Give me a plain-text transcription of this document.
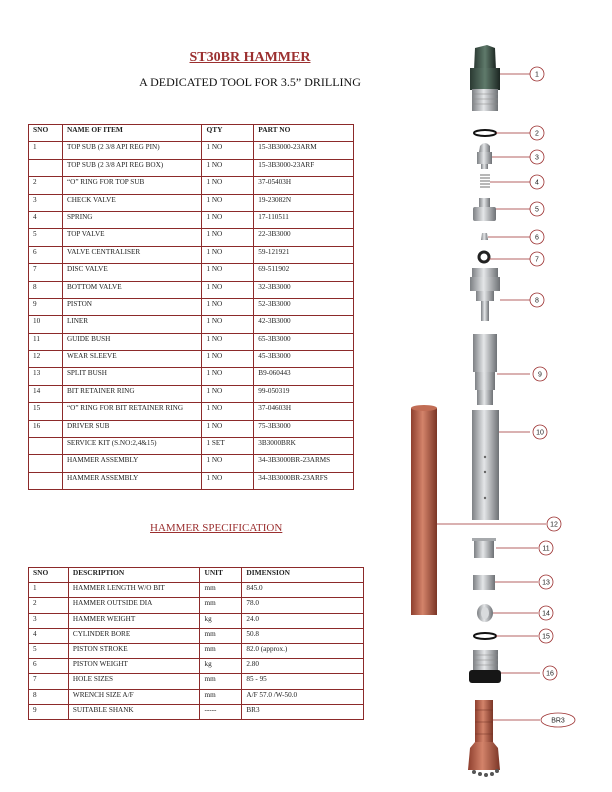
ST30BR HAMMER
A DEDICATED TOOL FOR 3.5” DRILLING
SNO	NAME OF ITEM	QTY	PART NO
1	TOP SUB (2 3/8 API REG PIN)	1 NO	15-3B3000-23ARM
	TOP SUB (2 3/8 API REG BOX)	1 NO	15-3B3000-23ARF
2	“O” RING FOR TOP SUB	1 NO	37-05403H
3	CHECK VALVE	1 NO	19-23082N
4	SPRING	1 NO	17-110511
5	TOP VALVE	1 NO	22-3B3000
6	VALVE CENTRALISER	1 NO	59-121921
7	DISC VALVE	1 NO	69-511902
8	BOTTOM VALVE	1 NO	32-3B3000
9	PISTON	1 NO	52-3B3000
10	LINER	1 NO	42-3B3000
11	GUIDE BUSH	1 NO	65-3B3000
12	WEAR SLEEVE	1 NO	45-3B3000
13	SPLIT BUSH	1 NO	B9-060443
14	BIT RETAINER RING	1 NO	99-050319
15	“O” RING FOR BIT RETAINER RING	1 NO	37-04603H
16	DRIVER SUB	1 NO	75-3B3000
	SERVICE KIT (S.NO:2,4&15)	1 SET	3B3000BRK
	HAMMER ASSEMBLY	1 NO	34-3B3000BR-23ARMS
	HAMMER ASSEMBLY	1 NO	34-3B3000BR-23ARFS
HAMMER SPECIFICATION
SNO	DESCRIPTION	UNIT	DIMENSION
1	HAMMER LENGTH W/O BIT	mm	845.0
2	HAMMER OUTSIDE DIA	mm	78.0
3	HAMMER WEIGHT	kg	24.0
4	CYLINDER BORE	mm	50.8
5	PISTON STROKE	mm	82.0 (approx.)
6	PISTON WEIGHT	kg	2.80
7	HOLE SIZES	mm	85 - 95
8	WRENCH SIZE A/F	mm	A/F 57.0 /W-50.0
9	SUITABLE SHANK	-----	BR3
1
2
3
4
5
6
7
8
9
10
12
11
13
14
15
16
BR3
